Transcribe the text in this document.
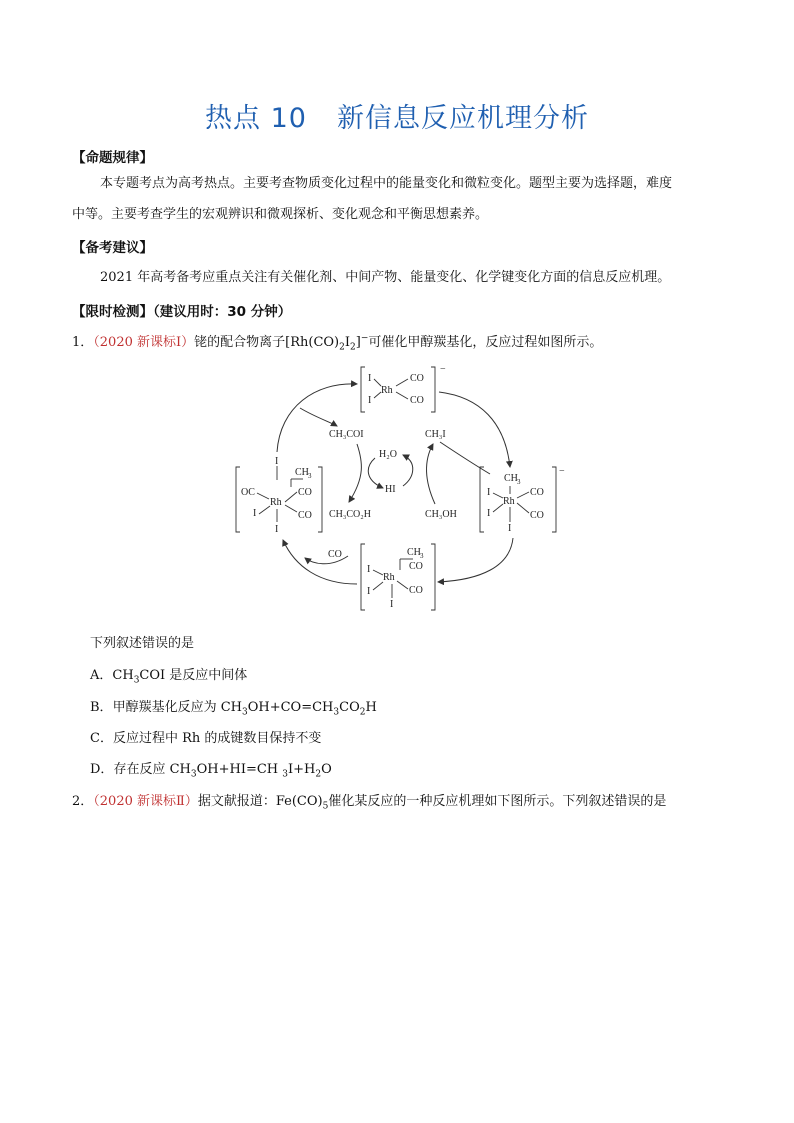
热点 10 新信息反应机理分析
【命题规律】
本专题考点为高考热点。主要考查物质变化过程中的能量变化和微粒变化。题型主要为选择题，难度
中等。主要考查学生的宏观辨识和微观探析、变化观念和平衡思想素养。
【备考建议】
2021 年高考备考应重点关注有关催化剂、中间产物、能量变化、化学键变化方面的信息反应机理。
【限时检测】（建议用时：30 分钟）
1．（2020 新课标Ⅰ）铑的配合物离子$[Rh(CO)_2I_2]^-$可催化甲醇羰基化，反应过程如图所示。
−
Rh
I
I
CO
CO
−
CH 3
Rh
I
I
CO
CO
I
CH 3
CO
Rh
I
I	CO
I
I
CH 3
CO
OC
Rh
CO
I
I
CH₃COI	CH₃I
H₂O
HI
CH₃CO₂H	CH₃OH
CO
下列叙述错误的是
A．$CH_3COI$ 是反应中间体
B．甲醇羰基化反应为 $CH_3OH+CO=CH_3CO_2H$
C．反应过程中 Rh 的成键数目保持不变
D．存在反应 $CH_3OH+HI=CH$ $_3I+H_2O$
2．（2020 新课标Ⅱ）据文献报道：$Fe(CO)_5$催化某反应的一种反应机理如下图所示。下列叙述错误的是
